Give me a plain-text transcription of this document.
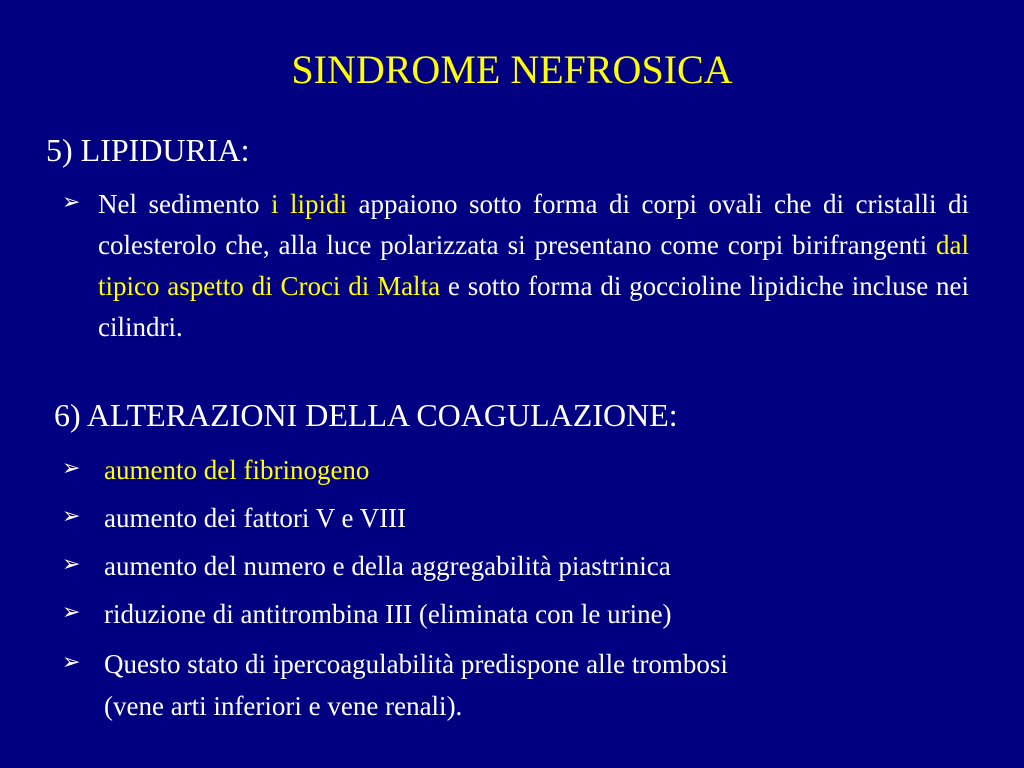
SINDROME NEFROSICA
5) LIPIDURIA:
➢ Nel sedimento i lipidi appaiono sotto forma di corpi ovali che di cristalli di colesterolo che, alla luce polarizzata si presentano come corpi birifrangenti dal tipico aspetto di Croci di Malta e sotto forma di goccioline lipidiche incluse nei cilindri.
6) ALTERAZIONI DELLA COAGULAZIONE:
➢ aumento del fibrinogeno
➢ aumento dei fattori V e VIII
➢ aumento del numero e della aggregabilità piastrinica
➢ riduzione di antitrombina III (eliminata con le urine)
➢ Questo stato di ipercoagulabilità predispone alle trombosi
(vene arti inferiori e vene renali).
